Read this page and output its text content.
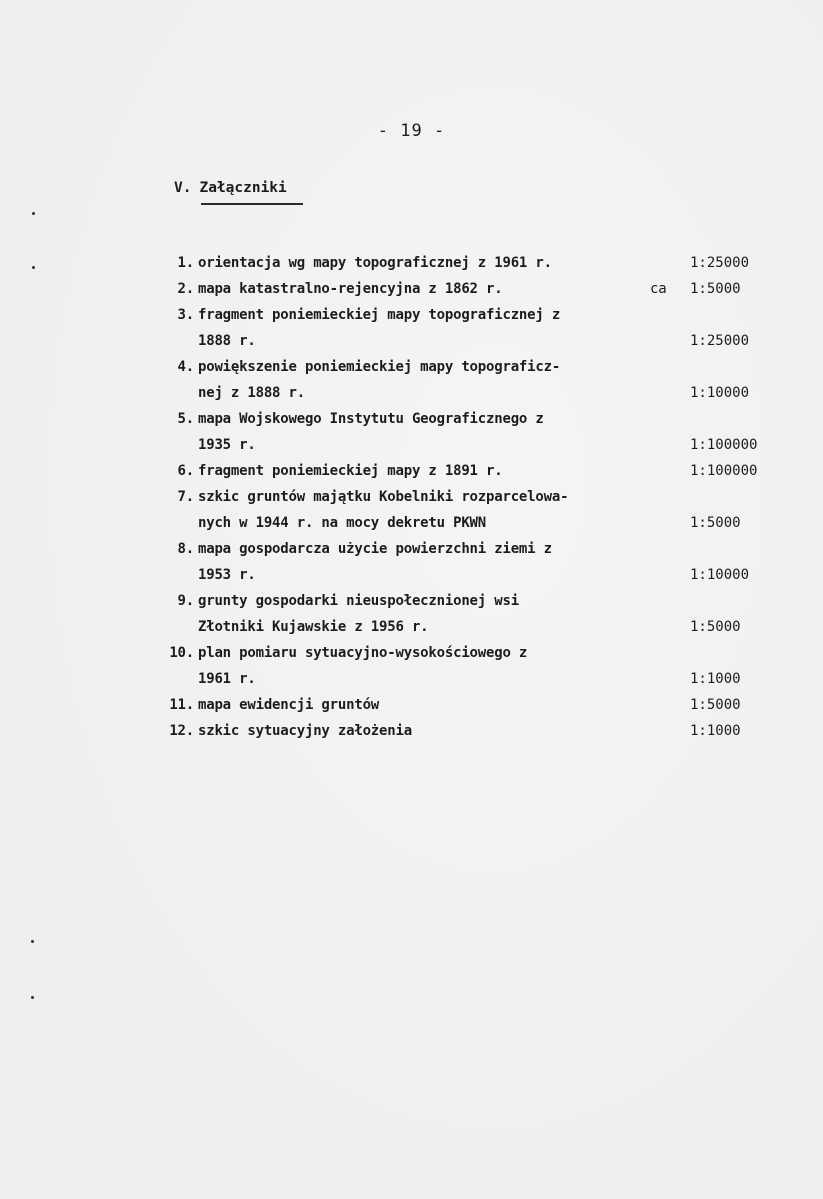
- 19 -
V. Załączniki
1. orientacja wg mapy topograficznej z 1961 r.	1:25000
2. mapa katastralno-rejencyjna z 1862 r.	ca	1:5000
3. fragment poniemieckiej mapy topograficznej z
1888 r.	1:25000
4. powiększenie poniemieckiej mapy topograficz-
nej z 1888 r.	1:10000
5. mapa Wojskowego Instytutu Geograficznego z
1935 r.	1:100000
6. fragment poniemieckiej mapy z 1891 r.	1:100000
7. szkic gruntów majątku Kobelniki rozparcelowa-
nych w 1944 r. na mocy dekretu PKWN	1:5000
8. mapa gospodarcza użycie powierzchni ziemi z
1953 r.	1:10000
9. grunty gospodarki nieuspołecznionej wsi
Złotniki Kujawskie z 1956 r.	1:5000
10. plan pomiaru sytuacyjno-wysokościowego z
1961 r.	1:1000
11. mapa ewidencji gruntów	1:5000
12. szkic sytuacyjny założenia	1:1000
